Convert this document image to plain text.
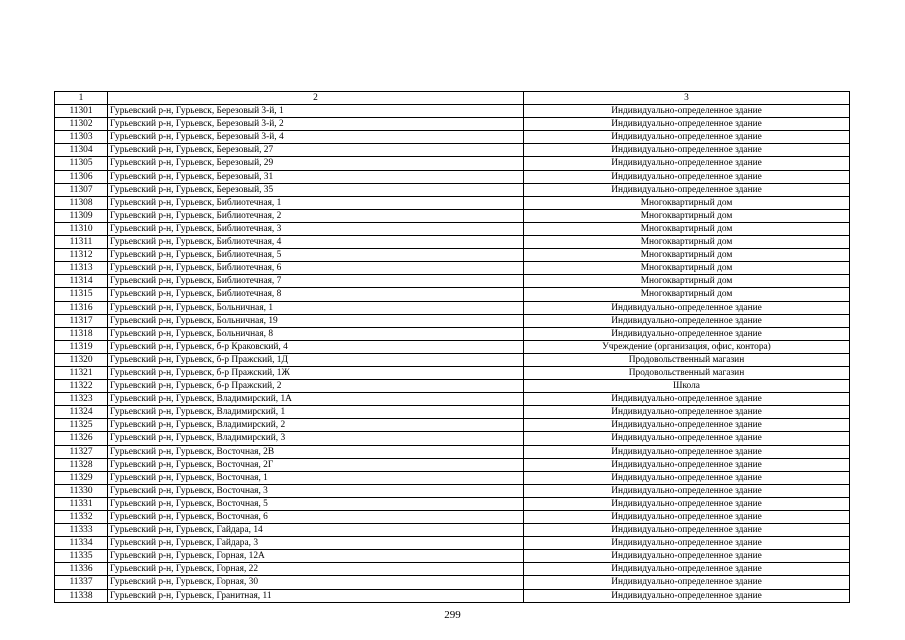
1	2	3
11301	Гурьевский р-н, Гурьевск, Березовый 3-й, 1	Индивидуально-определенное здание
11302	Гурьевский р-н, Гурьевск, Березовый 3-й, 2	Индивидуально-определенное здание
11303	Гурьевский р-н, Гурьевск, Березовый 3-й, 4	Индивидуально-определенное здание
11304	Гурьевский р-н, Гурьевск, Березовый, 27	Индивидуально-определенное здание
11305	Гурьевский р-н, Гурьевск, Березовый, 29	Индивидуально-определенное здание
11306	Гурьевский р-н, Гурьевск, Березовый, 31	Индивидуально-определенное здание
11307	Гурьевский р-н, Гурьевск, Березовый, 35	Индивидуально-определенное здание
11308	Гурьевский р-н, Гурьевск, Библиотечная, 1	Многоквартирный дом
11309	Гурьевский р-н, Гурьевск, Библиотечная, 2	Многоквартирный дом
11310	Гурьевский р-н, Гурьевск, Библиотечная, 3	Многоквартирный дом
11311	Гурьевский р-н, Гурьевск, Библиотечная, 4	Многоквартирный дом
11312	Гурьевский р-н, Гурьевск, Библиотечная, 5	Многоквартирный дом
11313	Гурьевский р-н, Гурьевск, Библиотечная, 6	Многоквартирный дом
11314	Гурьевский р-н, Гурьевск, Библиотечная, 7	Многоквартирный дом
11315	Гурьевский р-н, Гурьевск, Библиотечная, 8	Многоквартирный дом
11316	Гурьевский р-н, Гурьевск, Больничная, 1	Индивидуально-определенное здание
11317	Гурьевский р-н, Гурьевск, Больничная, 19	Индивидуально-определенное здание
11318	Гурьевский р-н, Гурьевск, Больничная, 8	Индивидуально-определенное здание
11319	Гурьевский р-н, Гурьевск, б-р Краковский, 4	Учреждение (организация, офис, контора)
11320	Гурьевский р-н, Гурьевск, б-р Пражский, 1Д	Продовольственный магазин
11321	Гурьевский р-н, Гурьевск, б-р Пражский, 1Ж	Продовольственный магазин
11322	Гурьевский р-н, Гурьевск, б-р Пражский, 2	Школа
11323	Гурьевский р-н, Гурьевск, Владимирский, 1А	Индивидуально-определенное здание
11324	Гурьевский р-н, Гурьевск, Владимирский, 1	Индивидуально-определенное здание
11325	Гурьевский р-н, Гурьевск, Владимирский, 2	Индивидуально-определенное здание
11326	Гурьевский р-н, Гурьевск, Владимирский, 3	Индивидуально-определенное здание
11327	Гурьевский р-н, Гурьевск, Восточная, 2В	Индивидуально-определенное здание
11328	Гурьевский р-н, Гурьевск, Восточная, 2Г	Индивидуально-определенное здание
11329	Гурьевский р-н, Гурьевск, Восточная, 1	Индивидуально-определенное здание
11330	Гурьевский р-н, Гурьевск, Восточная, 3	Индивидуально-определенное здание
11331	Гурьевский р-н, Гурьевск, Восточная, 5	Индивидуально-определенное здание
11332	Гурьевский р-н, Гурьевск, Восточная, 6	Индивидуально-определенное здание
11333	Гурьевский р-н, Гурьевск, Гайдара, 14	Индивидуально-определенное здание
11334	Гурьевский р-н, Гурьевск, Гайдара, 3	Индивидуально-определенное здание
11335	Гурьевский р-н, Гурьевск, Горная, 12А	Индивидуально-определенное здание
11336	Гурьевский р-н, Гурьевск, Горная, 22	Индивидуально-определенное здание
11337	Гурьевский р-н, Гурьевск, Горная, 30	Индивидуально-определенное здание
11338	Гурьевский р-н, Гурьевск, Гранитная, 11	Индивидуально-определенное здание
299
